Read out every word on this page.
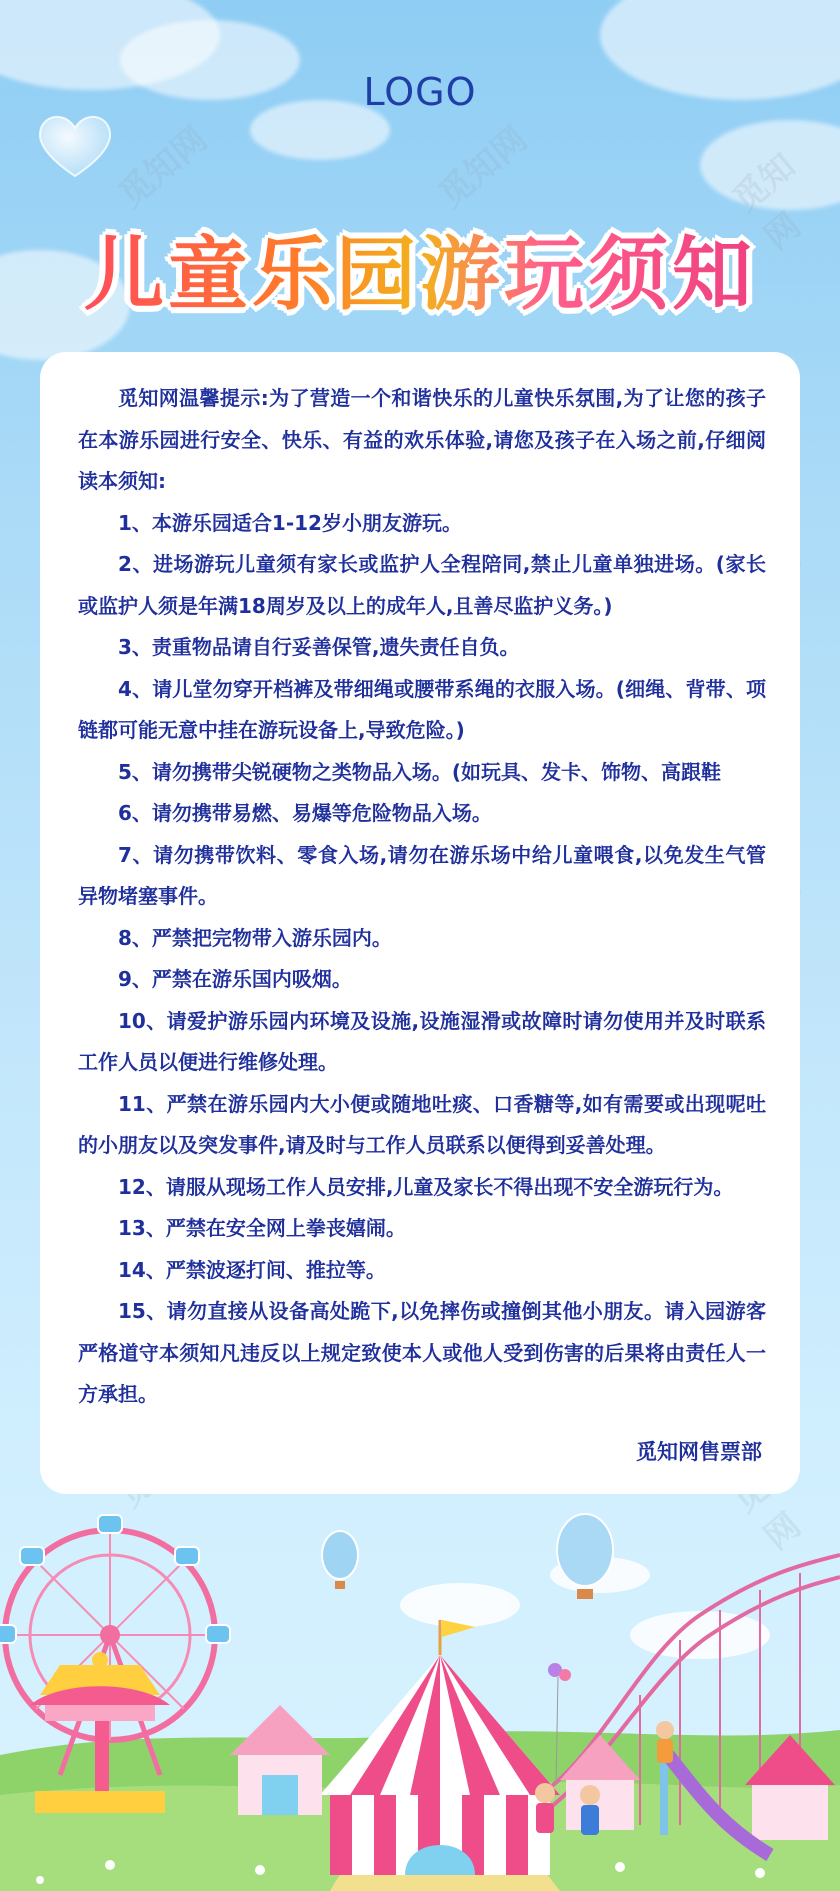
LOGO
儿童乐园游玩须知
觅知网	觅知网
觅知网

觅知网温馨提示:为了营造一个和谐快乐的儿童快乐氛围,为了让您的孩子在本游乐园进行安全、快乐、有益的欢乐体验,请您及孩子在入场之前,仔细阅读本须知:

1、本游乐园适合1-12岁小朋友游玩。

2、进场游玩儿童须有家长或监护人全程陪同,禁止儿童单独进场。(家长或监护人须是年满18周岁及以上的成年人,且善尽监护义务。)

3、责重物品请自行妥善保管,遗失责任自负。

4、请儿堂勿穿开档裤及带细绳或腰带系绳的衣服入场。(细绳、背带、项链都可能无意中挂在游玩设备上,导致危险。)

5、请勿携带尖锐硬物之类物品入场。(如玩具、发卡、饰物、高跟鞋

6、请勿携带易燃、易爆等危险物品入场。

7、请勿携带饮料、零食入场,请勿在游乐场中给儿童喂食,以免发生气管异物堵塞事件。

8、严禁把完物带入游乐园内。

9、严禁在游乐国内吸烟。

10、请爱护游乐园内环境及设施,设施湿滑或故障时请勿使用并及时联系工作人员以便进行维修处理。

11、严禁在游乐园内大小便或随地吐痰、口香糖等,如有需要或出现呢吐的小朋友以及突发事件,请及时与工作人员联系以便得到妥善处理。

12、请服从现场工作人员安排,儿童及家长不得出现不安全游玩行为。

13、严禁在安全网上拳丧嬉闹。

14、严禁波逐打间、推拉等。

15、请勿直接从设备高处跪下,以免摔伤或撞倒其他小朋友。请入园游客严格道守本须知凡违反以上规定致使本人或他人受到伤害的后果将由责任人一方承担。

觅知网售票部
